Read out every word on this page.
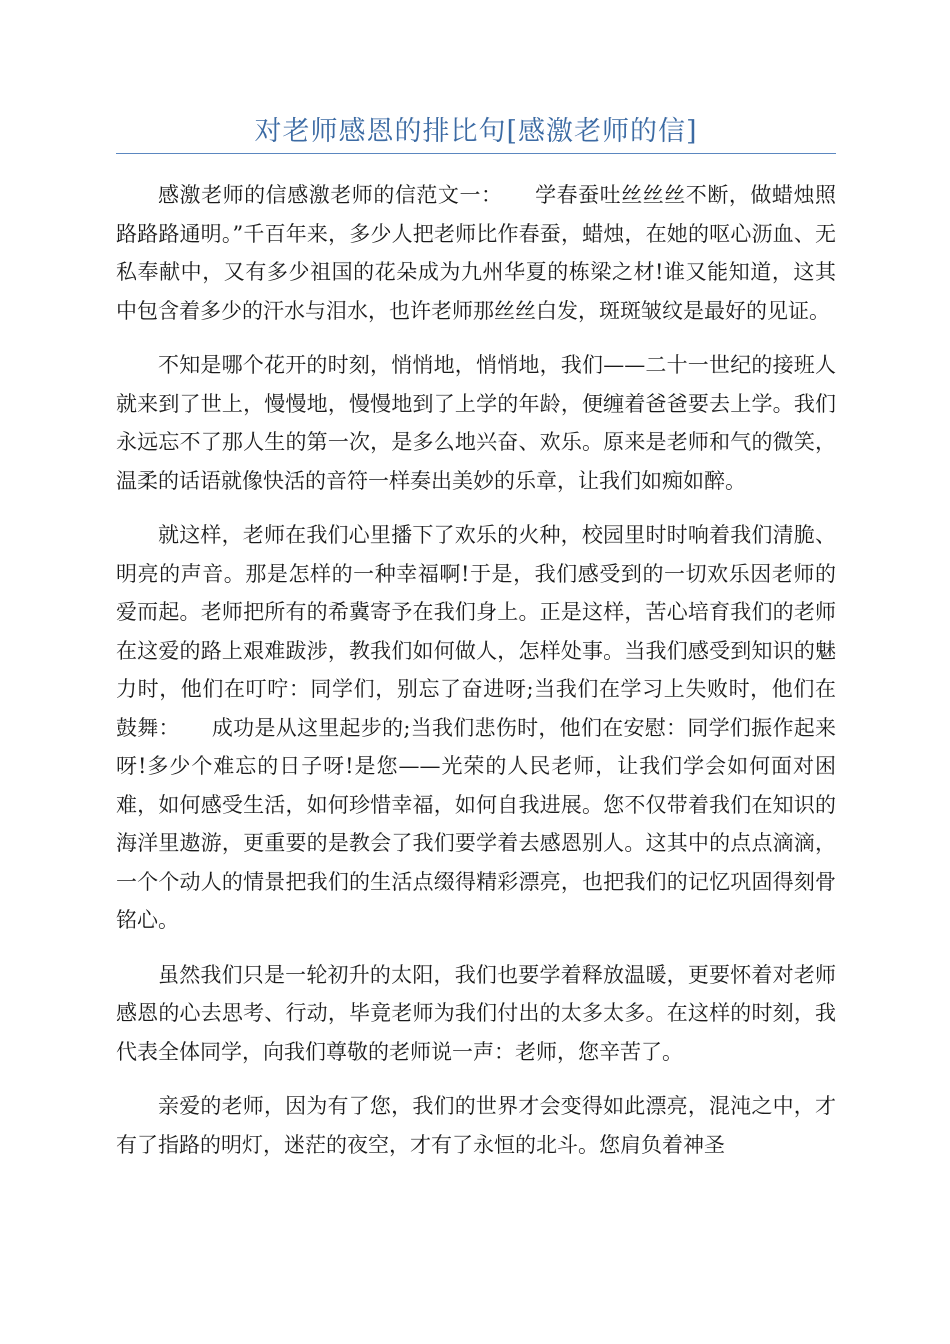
对老师感恩的排比句[感激老师的信]

感激老师的信感激老师的信范文一：　　学春蚕吐丝丝丝不断，做蜡烛照路路路通明。”千百年来，多少人把老师比作春蚕，蜡烛，在她的呕心沥血、无私奉献中，又有多少祖国的花朵成为九州华夏的栋梁之材!谁又能知道，这其中包含着多少的汗水与泪水，也许老师那丝丝白发，斑斑皱纹是最好的见证。

不知是哪个花开的时刻，悄悄地，悄悄地，我们——二十一世纪的接班人就来到了世上，慢慢地，慢慢地到了上学的年龄，便缠着爸爸要去上学。我们永远忘不了那人生的第一次，是多么地兴奋、欢乐。原来是老师和气的微笑，温柔的话语就像快活的音符一样奏出美妙的乐章，让我们如痴如醉。

就这样，老师在我们心里播下了欢乐的火种，校园里时时响着我们清脆、明亮的声音。那是怎样的一种幸福啊!于是，我们感受到的一切欢乐因老师的爱而起。老师把所有的希冀寄予在我们身上。正是这样，苦心培育我们的老师在这爱的路上艰难跋涉，教我们如何做人，怎样处事。当我们感受到知识的魅力时，他们在叮咛：同学们，别忘了奋进呀;当我们在学习上失败时，他们在鼓舞：　　成功是从这里起步的;当我们悲伤时，他们在安慰：同学们振作起来呀!多少个难忘的日子呀!是您——光荣的人民老师，让我们学会如何面对困难，如何感受生活，如何珍惜幸福，如何自我进展。您不仅带着我们在知识的海洋里遨游，更重要的是教会了我们要学着去感恩别人。这其中的点点滴滴，一个个动人的情景把我们的生活点缀得精彩漂亮，也把我们的记忆巩固得刻骨铭心。

虽然我们只是一轮初升的太阳，我们也要学着释放温暖，更要怀着对老师感恩的心去思考、行动，毕竟老师为我们付出的太多太多。在这样的时刻，我代表全体同学，向我们尊敬的老师说一声：老师，您辛苦了。

亲爱的老师，因为有了您，我们的世界才会变得如此漂亮，混沌之中，才有了指路的明灯，迷茫的夜空，才有了永恒的北斗。您肩负着神圣
